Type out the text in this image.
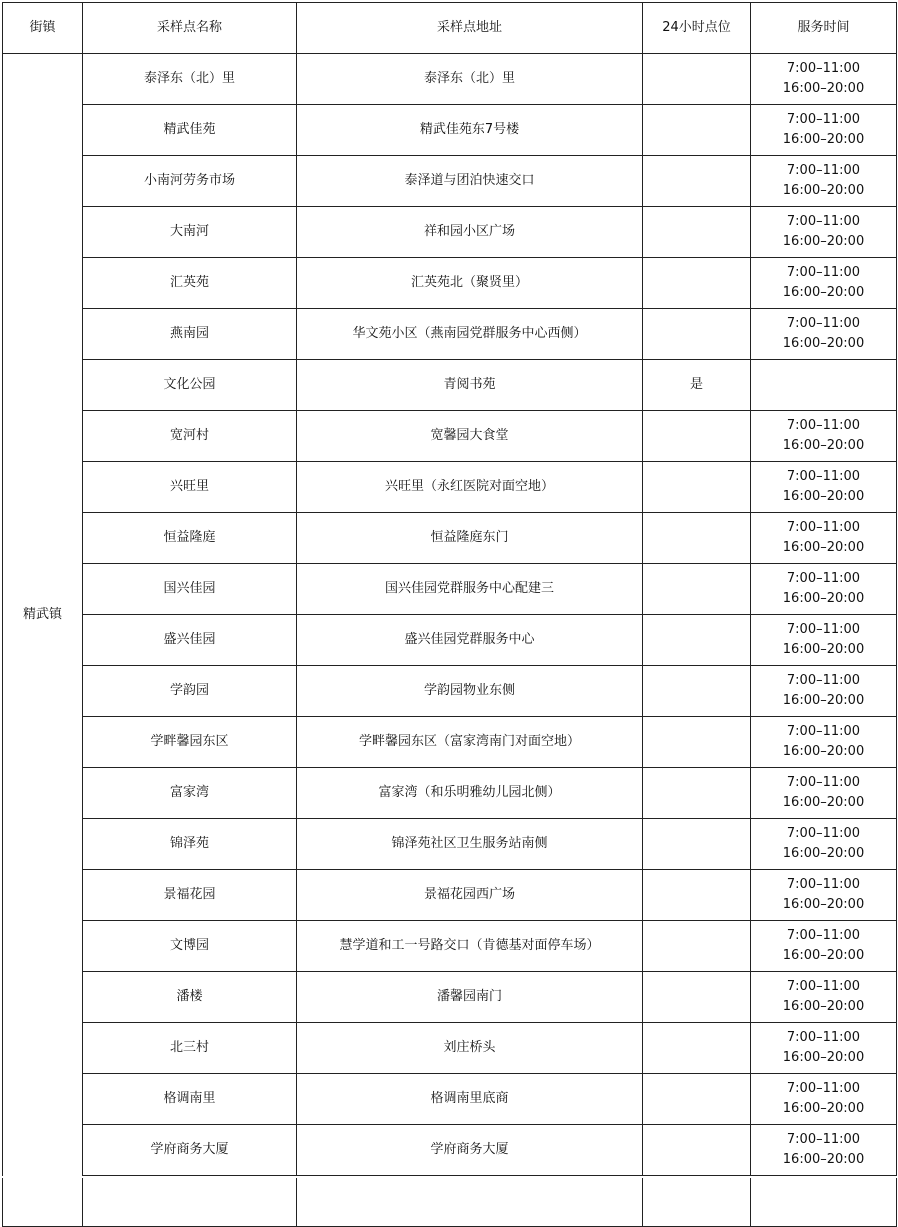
街镇	采样点名称	采样点地址	24小时点位	服务时间
精武镇	泰泽东（北）里	泰泽东（北）里		7:00–11:00
16:00–20:00

	精武佳苑	精武佳苑东7号楼		7:00–11:00
16:00–20:00

	小南河劳务市场	泰泽道与团泊快速交口		7:00–11:00
16:00–20:00

	大南河	祥和园小区广场		7:00–11:00
16:00–20:00

	汇英苑	汇英苑北（聚贤里）		7:00–11:00
16:00–20:00

	燕南园	华文苑小区（燕南园党群服务中心西侧）		7:00–11:00
16:00–20:00

	文化公园	青阅书苑	是	

	宽河村	宽馨园大食堂		7:00–11:00
16:00–20:00

	兴旺里	兴旺里（永红医院对面空地）		7:00–11:00
16:00–20:00

	恒益隆庭	恒益隆庭东门		7:00–11:00
16:00–20:00

	国兴佳园	国兴佳园党群服务中心配建三		7:00–11:00
16:00–20:00

	盛兴佳园	盛兴佳园党群服务中心		7:00–11:00
16:00–20:00

	学韵园	学韵园物业东侧		7:00–11:00
16:00–20:00

	学畔馨园东区	学畔馨园东区（富家湾南门对面空地）		7:00–11:00
16:00–20:00

	富家湾	富家湾（和乐明雅幼儿园北侧）		7:00–11:00
16:00–20:00

	锦泽苑	锦泽苑社区卫生服务站南侧		7:00–11:00
16:00–20:00

	景福花园	景福花园西广场		7:00–11:00
16:00–20:00

	文博园	慧学道和工一号路交口（肯德基对面停车场）		7:00–11:00
16:00–20:00

	潘楼	潘馨园南门		7:00–11:00
16:00–20:00

	北三村	刘庄桥头		7:00–11:00
16:00–20:00

	格调南里	格调南里底商		7:00–11:00
16:00–20:00

	学府商务大厦	学府商务大厦		7:00–11:00
16:00–20:00
